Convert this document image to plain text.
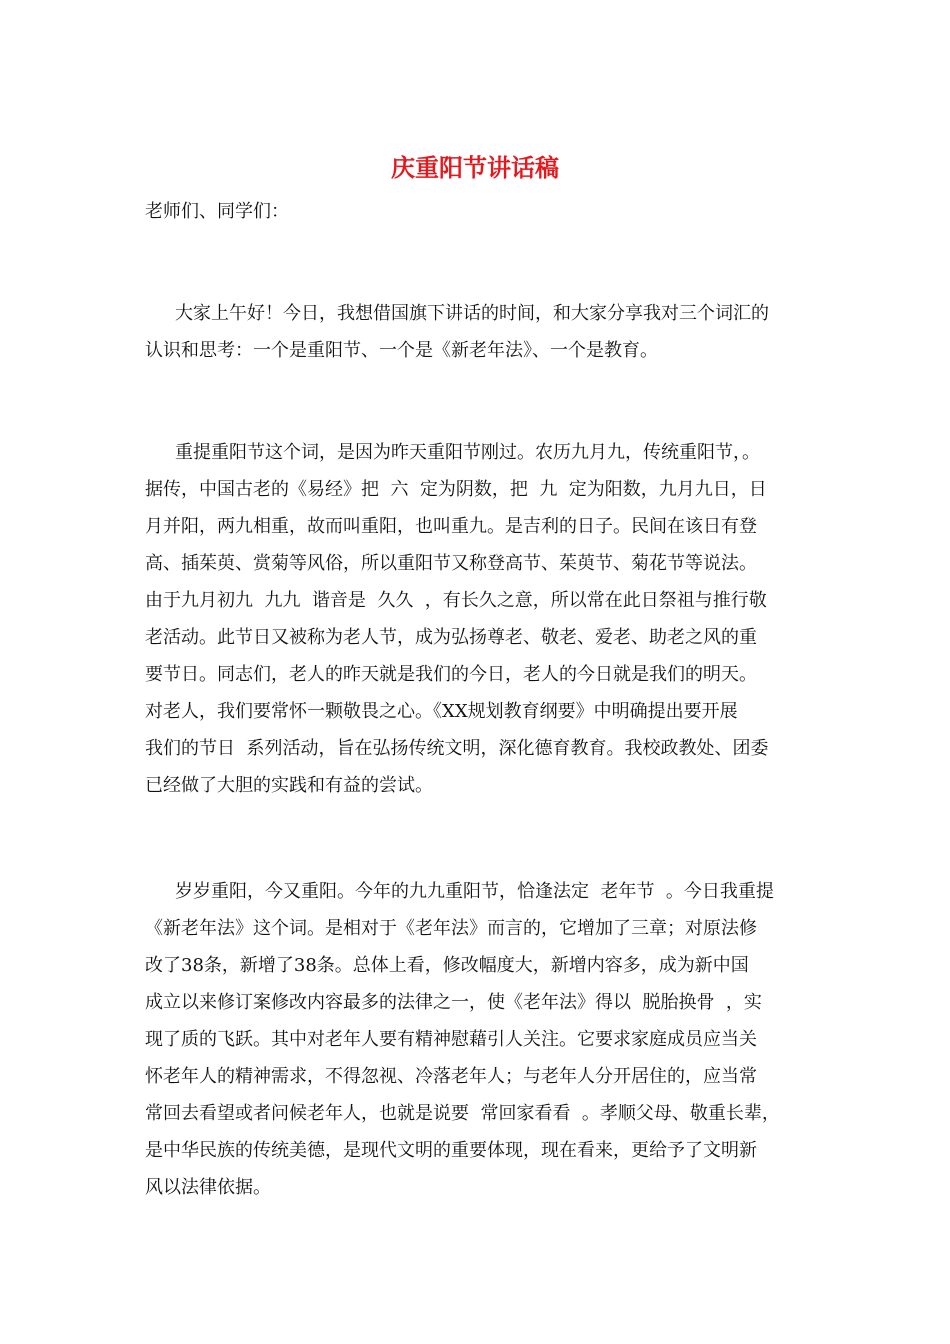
庆重阳节讲话稿
老师们、同学们：
大家上午好！今日，我想借国旗下讲话的时间，和大家分享我对三个词汇的
认识和思考：一个是重阳节、一个是《新老年法》、一个是教育。
重提重阳节这个词，是因为昨天重阳节刚过。农历九月九，传统重阳节，。
据传，中国古老的《易经》把  六  定为阴数，把  九  定为阳数，九月九日，日
月并阳，两九相重，故而叫重阳，也叫重九。是吉利的日子。民间在该日有登
高、插茱萸、赏菊等风俗，所以重阳节又称登高节、茱萸节、菊花节等说法。
由于九月初九  九九  谐音是  久久  ，有长久之意，所以常在此日祭祖与推行敬
老活动。此节日又被称为老人节，成为弘扬尊老、敬老、爱老、助老之风的重
要节日。同志们，老人的昨天就是我们的今日，老人的今日就是我们的明天。
对老人，我们要常怀一颗敬畏之心。《XX规划教育纲要》中明确提出要开展
我们的节日  系列活动，旨在弘扬传统文明，深化德育教育。我校政教处、团委
已经做了大胆的实践和有益的尝试。
岁岁重阳，今又重阳。今年的九九重阳节，恰逢法定  老年节  。今日我重提
《新老年法》这个词。是相对于《老年法》而言的，它增加了三章；对原法修
改了38条，新增了38条。总体上看，修改幅度大，新增内容多，成为新中国
成立以来修订案修改内容最多的法律之一，使《老年法》得以  脱胎换骨  ，实
现了质的飞跃。其中对老年人要有精神慰藉引人关注。它要求家庭成员应当关
怀老年人的精神需求，不得忽视、冷落老年人；与老年人分开居住的，应当常
常回去看望或者问候老年人，也就是说要  常回家看看  。孝顺父母、敬重长辈，
是中华民族的传统美德，是现代文明的重要体现，现在看来，更给予了文明新
风以法律依据。
